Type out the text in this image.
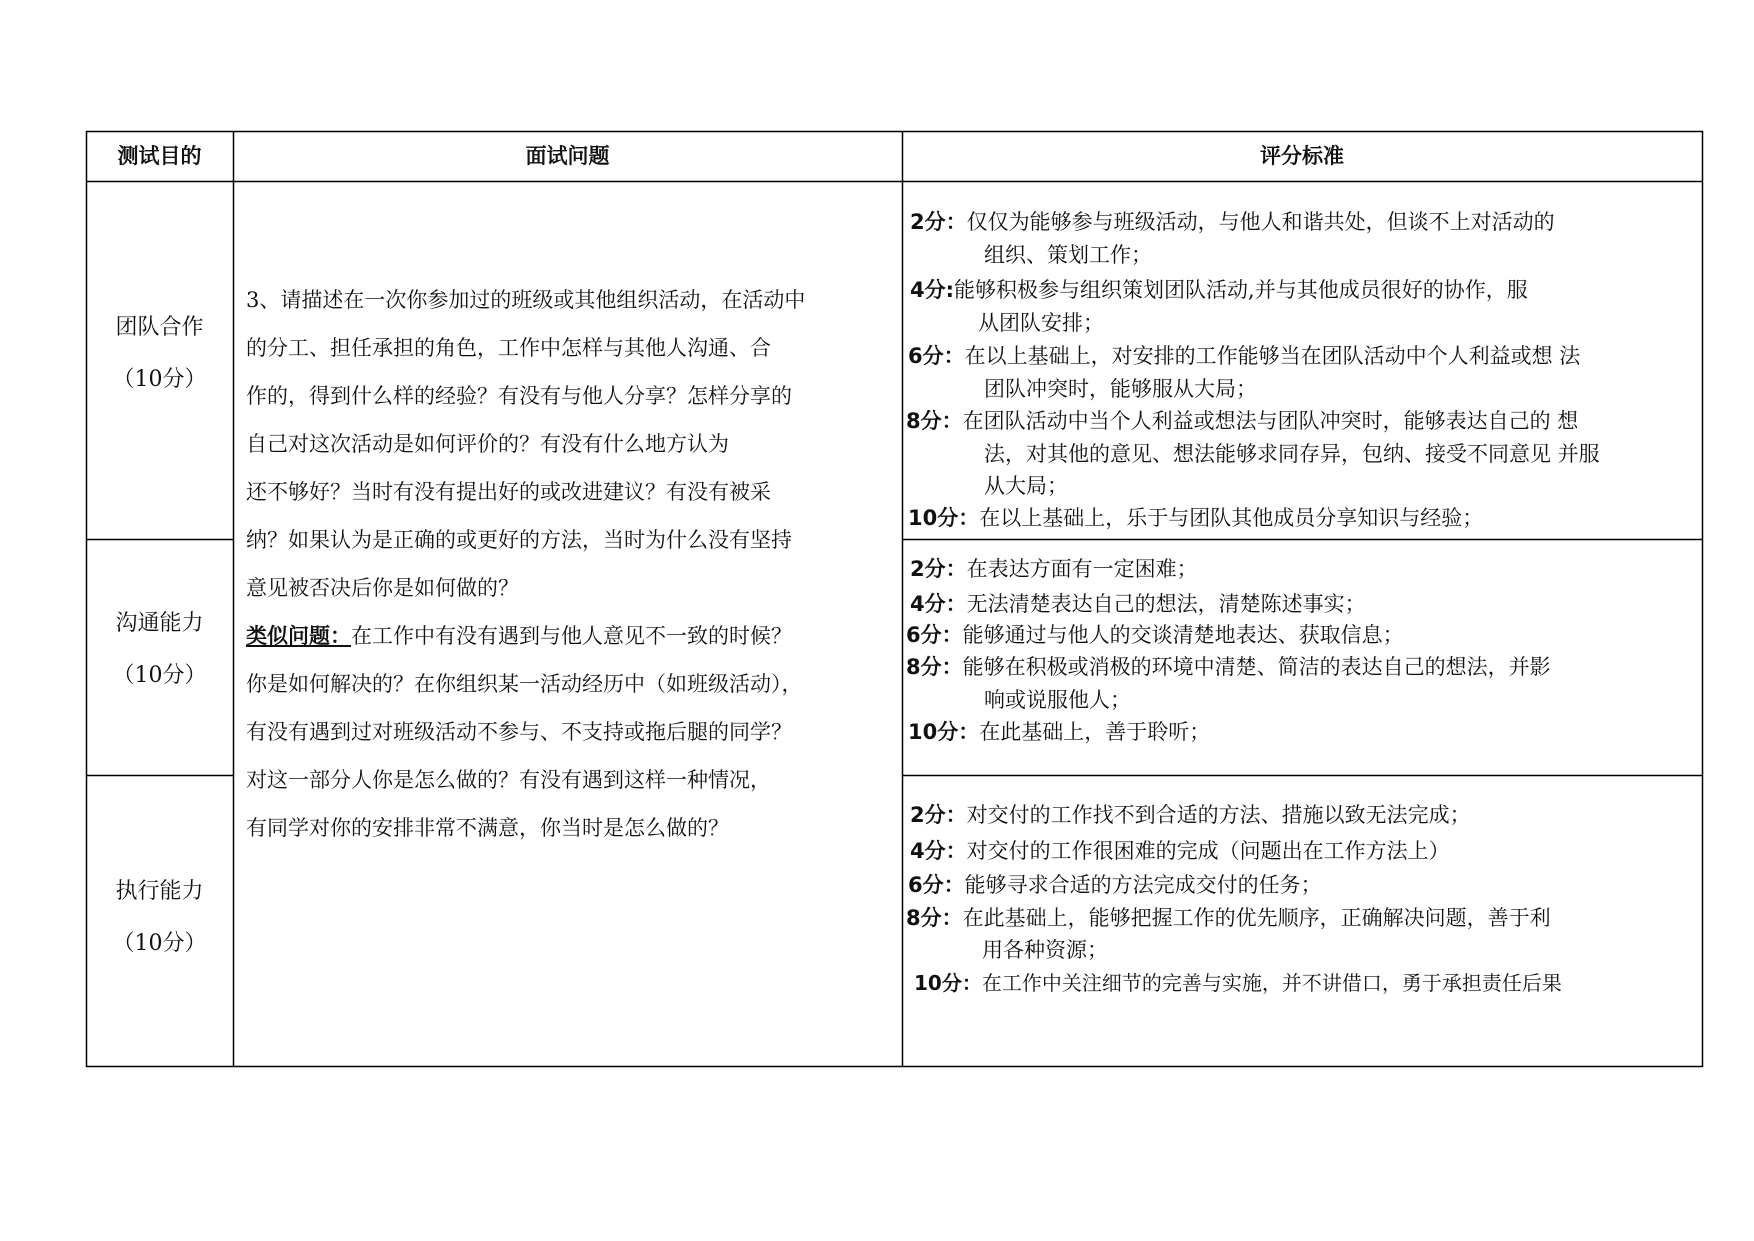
测试目的	面试问题	评分标准
团队合作
（10分）
沟通能力
（10分）
执行能力
（10分）
3、请描述在一次你参加过的班级或其他组织活动，在活动中
的分工、担任承担的角色，工作中怎样与其他人沟通、合
作的，得到什么样的经验？有没有与他人分享？怎样分享的
自己对这次活动是如何评价的？有没有什么地方认为
还不够好？当时有没有提出好的或改进建议？有没有被采
纳？如果认为是正确的或更好的方法，当时为什么没有坚持
意见被否决后你是如何做的？
类似问题：在工作中有没有遇到与他人意见不一致的时候？
你是如何解决的？在你组织某一活动经历中（如班级活动），
有没有遇到过对班级活动不参与、不支持或拖后腿的同学？
对这一部分人你是怎么做的？有没有遇到这样一种情况，
有同学对你的安排非常不满意，你当时是怎么做的？
2分：仅仅为能够参与班级活动，与他人和谐共处，但谈不上对活动的
组织、策划工作；
4分:能够积极参与组织策划团队活动,并与其他成员很好的协作，服
从团队安排；
6分：在以上基础上，对安排的工作能够当在团队活动中个人利益或想 法
团队冲突时，能够服从大局；
8分：在团队活动中当个人利益或想法与团队冲突时，能够表达自己的 想
法，对其他的意见、想法能够求同存异，包纳、接受不同意见 并服
从大局；
10分：在以上基础上，乐于与团队其他成员分享知识与经验；
2分：在表达方面有一定困难；
4分：无法清楚表达自己的想法，清楚陈述事实；
6分：能够通过与他人的交谈清楚地表达、获取信息；
8分：能够在积极或消极的环境中清楚、简洁的表达自己的想法，并影
响或说服他人；
10分：在此基础上，善于聆听；
2分：对交付的工作找不到合适的方法、措施以致无法完成；
4分：对交付的工作很困难的完成（问题出在工作方法上）
6分：能够寻求合适的方法完成交付的任务；
8分：在此基础上，能够把握工作的优先顺序，正确解决问题，善于利
用各种资源；
10分：在工作中关注细节的完善与实施，并不讲借口，勇于承担责任后果
